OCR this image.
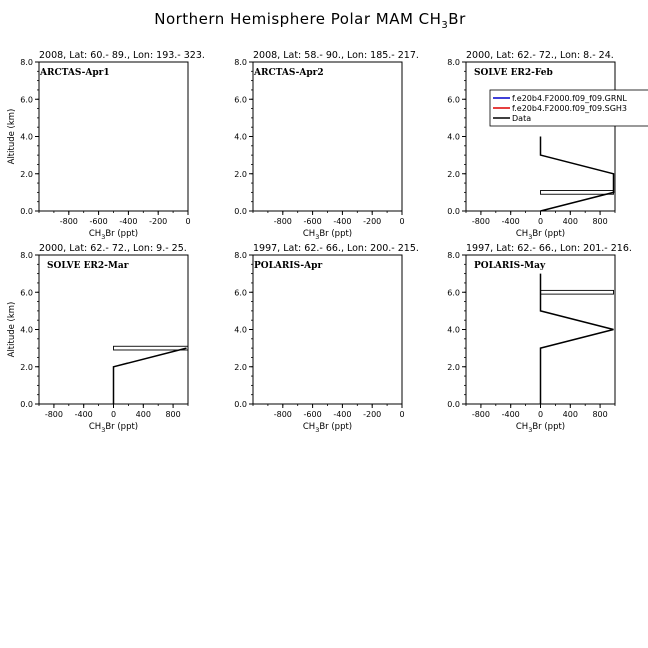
Northern Hemisphere Polar MAM $CH_3Br$
2008, Lat: 60.- 89., Lon: 193.- 323.
-800 -600 -400 -200 0
0.0
2.0
4.0
6.0
8.0
$CH_3Br$ (ppt)
Altitude (km)
ARCTAS-Apr1
2008, Lat: 58.- 90., Lon: 185.- 217.
-800 -600 -400 -200 0
0.0
2.0
4.0
6.0
8.0
$CH_3Br$ (ppt)
ARCTAS-Apr2
2000, Lat: 62.- 72., Lon: 8.- 24.
-800 -400 0 400 800
0.0
2.0
4.0
6.0
8.0
$CH_3Br$ (ppt)
SOLVE ER2-Feb
f.e20b4.F2000.f09_f09.GRNL
f.e20b4.F2000.f09_f09.SGH3
Data
2000, Lat: 62.- 72., Lon: 9.- 25.
-800 -400 0 400 800
0.0
2.0
4.0
6.0
8.0
$CH_3Br$ (ppt)
Altitude (km)
SOLVE ER2-Mar
1997, Lat: 62.- 66., Lon: 200.- 215.
-800 -600 -400 -200 0
0.0
2.0
4.0
6.0
8.0
$CH_3Br$ (ppt)
POLARIS-Apr
1997, Lat: 62.- 66., Lon: 201.- 216.
-800 -400 0 400 800
0.0
2.0
4.0
6.0
8.0
$CH_3Br$ (ppt)
POLARIS-May
